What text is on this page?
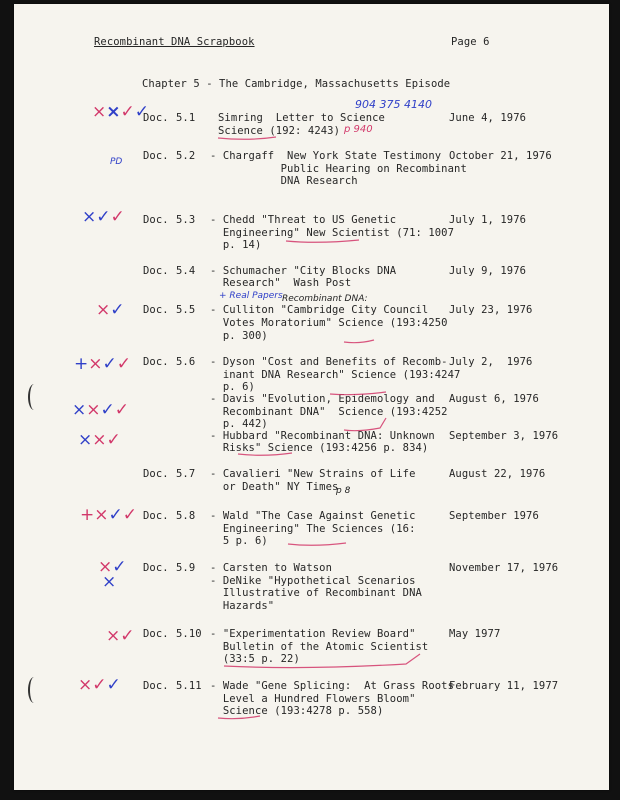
Recombinant DNA Scrapbook	Page 6
Chapter 5 - The Cambridge, Massachusetts Episode
Doc. 5.1 Simring  Letter to Science
Science (192: 4243)
June 4, 1976
Doc. 5.2 - Chargaff  New York State Testimony
Public Hearing on Recombinant
DNA Research
October 21, 1976
Doc. 5.3 - Chedd "Threat to US Genetic
Engineering" New Scientist (71: 1007
p. 14)
July 1, 1976
Doc. 5.4 - Schumacher "City Blocks DNA
Research"  Wash Post
July 9, 1976
Doc. 5.5 - Culliton "Cambridge City Council
Votes Moratorium" Science (193:4250
p. 300)
July 23, 1976
Doc. 5.6 - Dyson "Cost and Benefits of Recomb-
inant DNA Research" Science (193:4247
p. 6)
July 2,  1976
- Davis "Evolution, Epidemology and
Recombinant DNA"  Science (193:4252
p. 442)
August 6, 1976
- Hubbard "Recombinant DNA: Unknown
Risks" Science (193:4256 p. 834)
September 3, 1976
Doc. 5.7 - Cavalieri "New Strains of Life
or Death" NY Times
August 22, 1976
Doc. 5.8 - Wald "The Case Against Genetic
Engineering" The Sciences (16:
5 p. 6)
September 1976
Doc. 5.9 - Carsten to Watson
- DeNike "Hypothetical Scenarios
Illustrative of Recombinant DNA
Hazards"
November 17, 1976
Doc. 5.10 - "Experimentation Review Board"
Bulletin of the Atomic Scientist
(33:5 p. 22)
May 1977
Doc. 5.11 - Wade "Gene Splicing:  At Grass Roots
Level a Hundred Flowers Bloom"
Science (193:4278 p. 558)
February 11, 1977
904 375 4140
p 940
PD
+ Real Papers Recombinant DNA:
p 8
××✓✓
×✓✓
×✓
+×✓✓
××✓✓
××✓
+×✓✓
×✓
×
×✓
×✓✓
